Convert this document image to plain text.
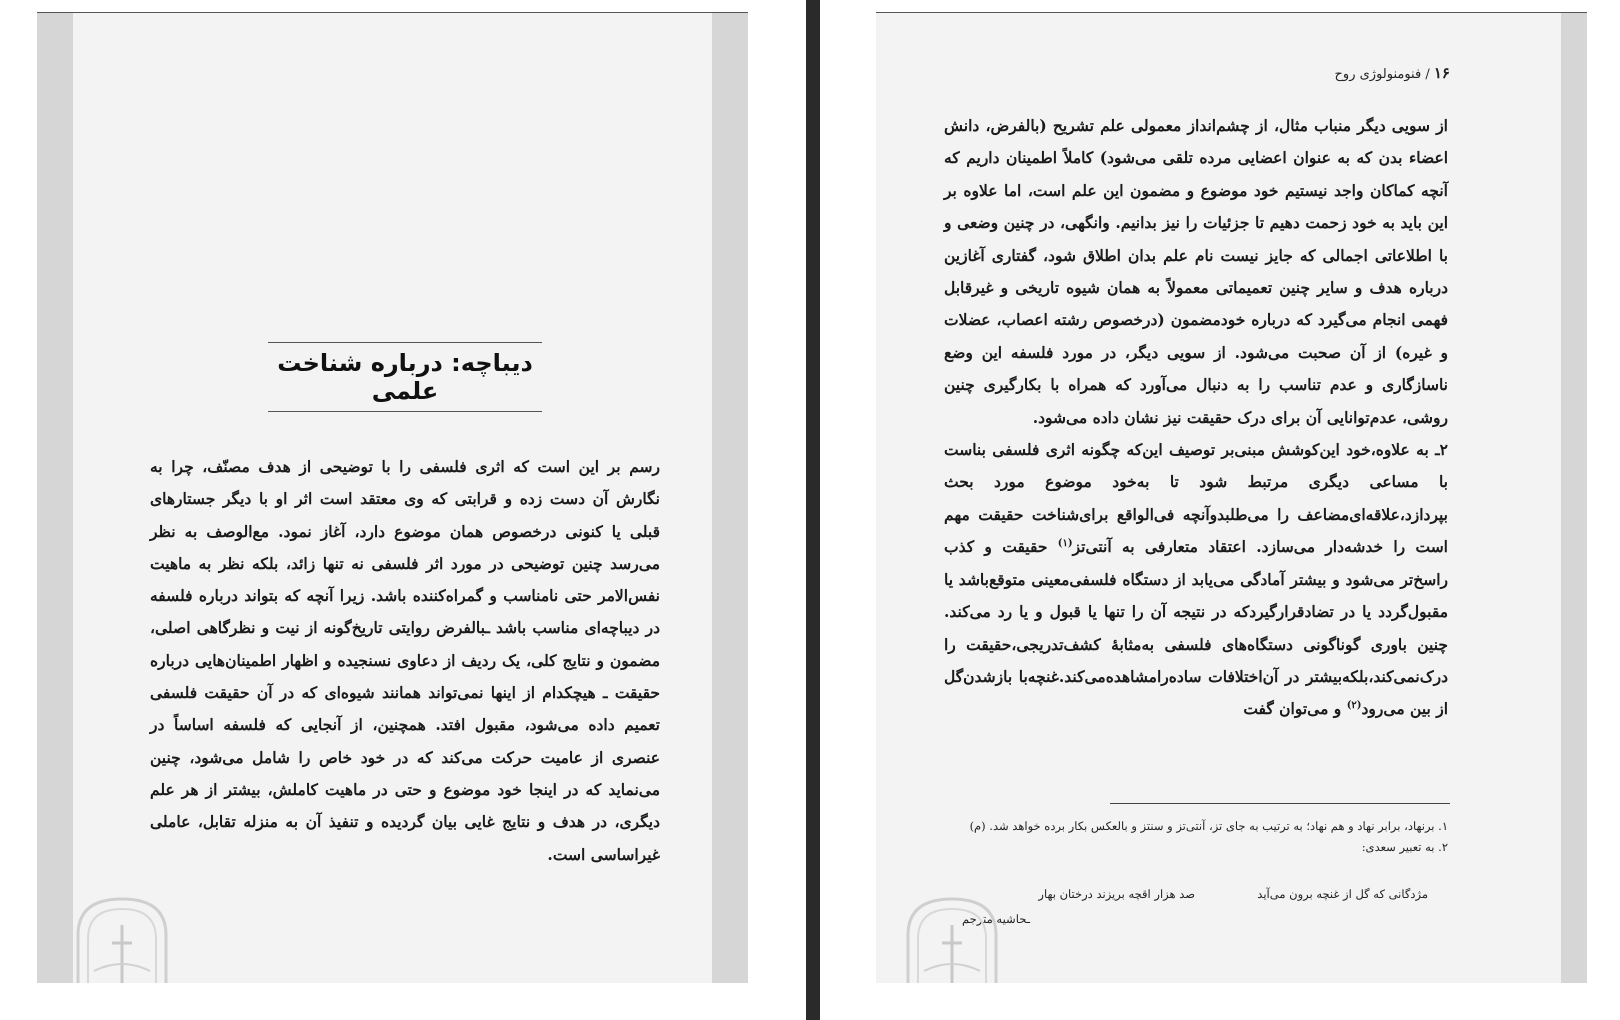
دیباچه: درباره شناخت علمی
رسم بر این است که اثری فلسفی را با توضیحی از هدف مصنّف، چرا به نگارش آن دست زده و قرابتی که وی معتقد است اثر او با دیگر جستارهای قبلی یا کنونی درخصوص همان موضوع دارد، آغاز نمود. مع‌الوصف به نظر می‌رسد چنین توضیحی در مورد اثر فلسفی نه تنها زائد، بلکه نظر به ماهیت نفس‌الامر حتی نامناسب و گمراه‌کننده باشد. زیرا آنچه که بتواند درباره فلسفه در دیباچه‌ای مناسب باشد ـبالفرض روایتی تاریخ‌گونه از نیت و نظرگاهی اصلی، مضمون و نتایج کلی، یک ردیف از دعاوی نسنجیده و اظهار اطمینان‌هایی درباره حقیقت ـ هیچکدام از اینها نمی‌تواند همانند شیوه‌ای که در آن حقیقت فلسفی تعمیم داده می‌شود، مقبول افتد. همچنین، از آنجایی که فلسفه اساساً در عنصری از عامیت حرکت می‌کند که در خود خاص را شامل می‌شود، چنین می‌نماید که در اینجا خود موضوع و حتی در ماهیت کاملش، بیشتر از هر علم دیگری، در هدف و نتایج غایی بیان گردیده و تنفیذ آن به منزله تقابل، عاملی غیراساسی است.
۱۶ / فنومنولوژی روح
از سویی دیگر منباب مثال، از چشم‌انداز معمولی علم تشریح (بالفرض، دانش اعضاء بدن که به عنوان اعضایی مرده تلقی می‌شود) کاملاً اطمینان داریم که آنچه کماکان واجد نیستیم خود موضوع و مضمون این علم است، اما علاوه بر این باید به خود زحمت دهیم تا جزئیات را نیز بدانیم. وانگهی، در چنین وضعی و با اطلاعاتی اجمالی که جایز نیست نام علم بدان اطلاق شود، گفتاری آغازین درباره هدف و سایر چنین تعمیماتی معمولاً به همان شیوه تاریخی و غیرقابل فهمی انجام می‌گیرد که درباره خودمضمون (درخصوص رشته اعصاب، عضلات و غیره) از آن صحبت می‌شود. از سویی دیگر، در مورد فلسفه این وضع ناسازگاری و عدم تناسب را به دنبال می‌آورد که همراه با بکارگیری چنین روشی، عدم‌توانایی آن برای درک حقیقت نیز نشان داده می‌شود.
۲ـ به علاوه،خود این‌کوشش مبنی‌بر توصیف این‌که چگونه اثری فلسفی بناست با مساعی دیگری مرتبط شود تا به‌خود موضوع مورد بحث بپردازد،علاقه‌ای‌مضاعف را می‌طلبدوآنچه فی‌الواقع برای‌شناخت حقیقت مهم است را خدشه‌دار می‌سازد. اعتقاد متعارفی به آنتی‌تز$^{(۱)}$ حقیقت و کذب راسخ‌تر می‌شود و بیشتر آمادگی می‌یابد از دستگاه فلسفی‌معینی متوقع‌باشد یا مقبول‌گردد یا در تضادقرارگیردکه در نتیجه آن را تنها یا قبول و یا رد می‌کند. چنین باوری گوناگونی دستگاه‌های فلسفی به‌مثابهٔ کشف‌تدریجی،حقیقت را درک‌نمی‌کند،بلکه‌بیشتر در آن‌اختلافات ساده‌رامشاهده‌می‌کند.غنچه‌با بازشدن‌گل از بین می‌رود$^{(۲)}$ و می‌توان گفت
۱. برنهاد، برابر نهاد و هم نهاد؛ به ترتیب به جای تز، آنتی‌تز و سنتز و بالعکس بکار برده خواهد شد. (م)
۲. به تعبیر سعدی:
مژدگانی که گل از غنچه برون می‌آید
صد هزار اقچه بریزند درختان بهار
ـحاشیه مترجم
